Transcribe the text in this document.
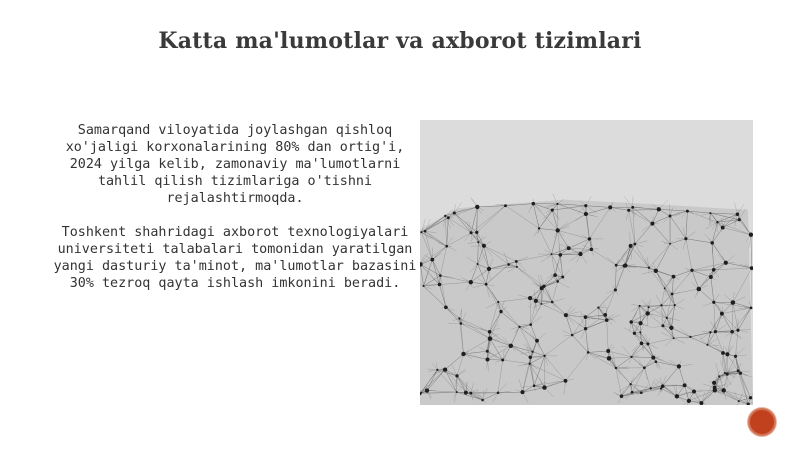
Katta ma'lumotlar va axborot tizimlari

Samarqand viloyatida joylashgan qishloq xo'jaligi korxonalarining 80% dan ortig'i, 2024 yilga kelib, zamonaviy ma'lumotlarni tahlil qilish tizimlariga o'tishni rejalashtirmoqda.

Toshkent shahridagi axborot texnologiyalari universiteti talabalari tomonidan yaratilgan yangi dasturiy ta'minot, ma'lumotlar bazasini 30% tezroq qayta ishlash imkonini beradi.
